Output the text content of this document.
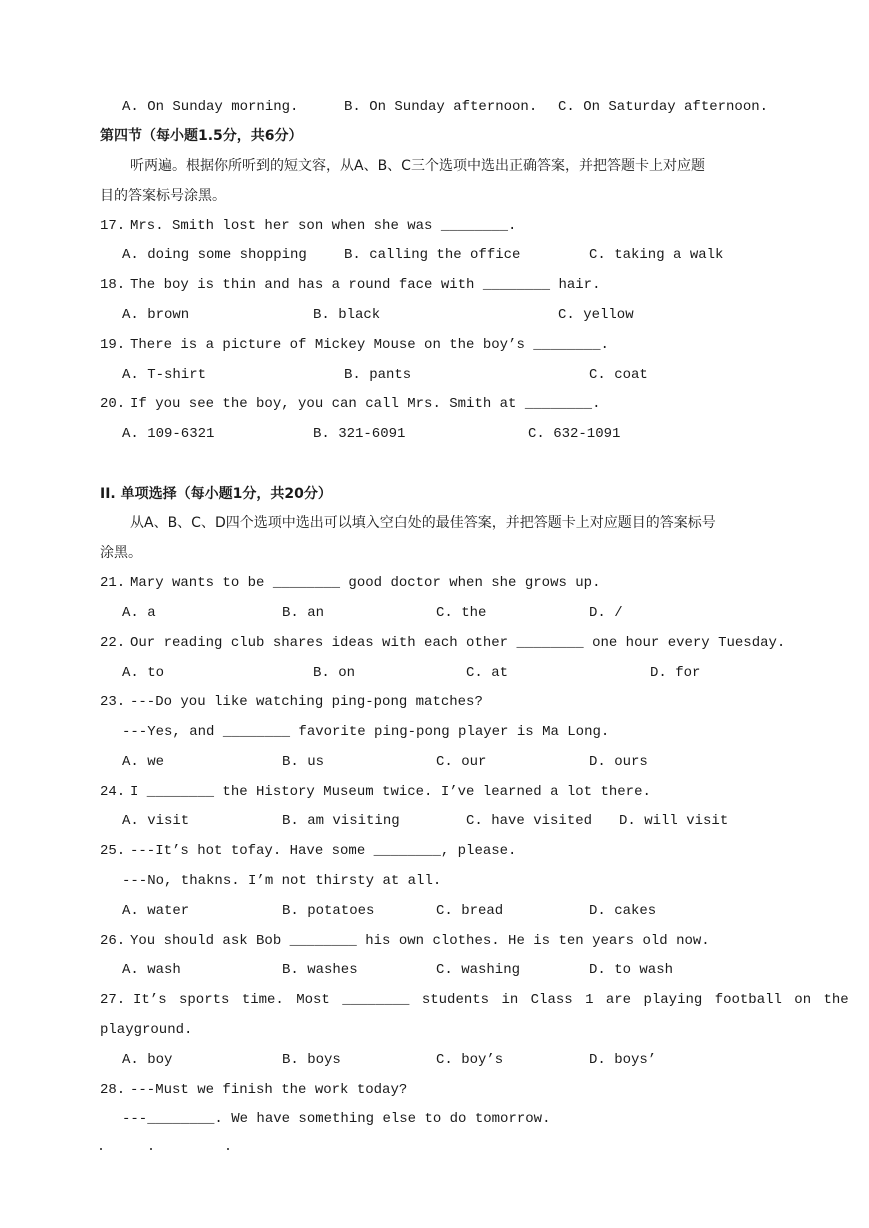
A. On Sunday morning.	B. On Sunday afternoon. C. On Saturday afternoon.
第四节（每小题1.5分，共6分）
听两遍。根据你所听到的短文容，从A、B、C三个选项中选出正确答案，并把答题卡上对应题
目的答案标号涂黑。
17. Mrs. Smith lost her son when she was ________.
A. doing some shopping	B. calling the office	C. taking a walk
18. The boy is thin and has a round face with ________ hair.
A. brown	B. black	C. yellow
19. There is a picture of Mickey Mouse on the boy’s ________.
A. T-shirt	B. pants	C. coat
20. If you see the boy, you can call Mrs. Smith at ________.
A. 109-6321	B. 321-6091	C. 632-1091
II. 单项选择（每小题1分，共20分）
从A、B、C、D四个选项中选出可以填入空白处的最佳答案，并把答题卡上对应题目的答案标号
涂黑。
21. Mary wants to be ________ good doctor when she grows up.
A. a	B. an	C. the	D. /
22. Our reading club shares ideas with each other ________ one hour every Tuesday.
A. to	B. on	C. at	D. for
23. ---Do you like watching ping-pong matches?
---Yes, and ________ favorite ping-pong player is Ma Long.
A. we	B. us	C. our	D. ours
24. I ________ the History Museum twice. I’ve learned a lot there.
A. visit	B. am visiting	C. have visited D. will visit
25. ---It’s hot tofay. Have some ________, please.
---No, thakns. I’m not thirsty at all.
A. water	B. potatoes	C. bread	D. cakes
26. You should ask Bob ________ his own clothes. He is ten years old now.
A. wash	B. washes	C. washing	D. to wash
27. It’s sports time. Most ________ students in Class 1 are playing football on the
playground.
A. boy	B. boys	C. boy’s	D. boys’
28. ---Must we finish the work today?
---________. We have something else to do tomorrow.
